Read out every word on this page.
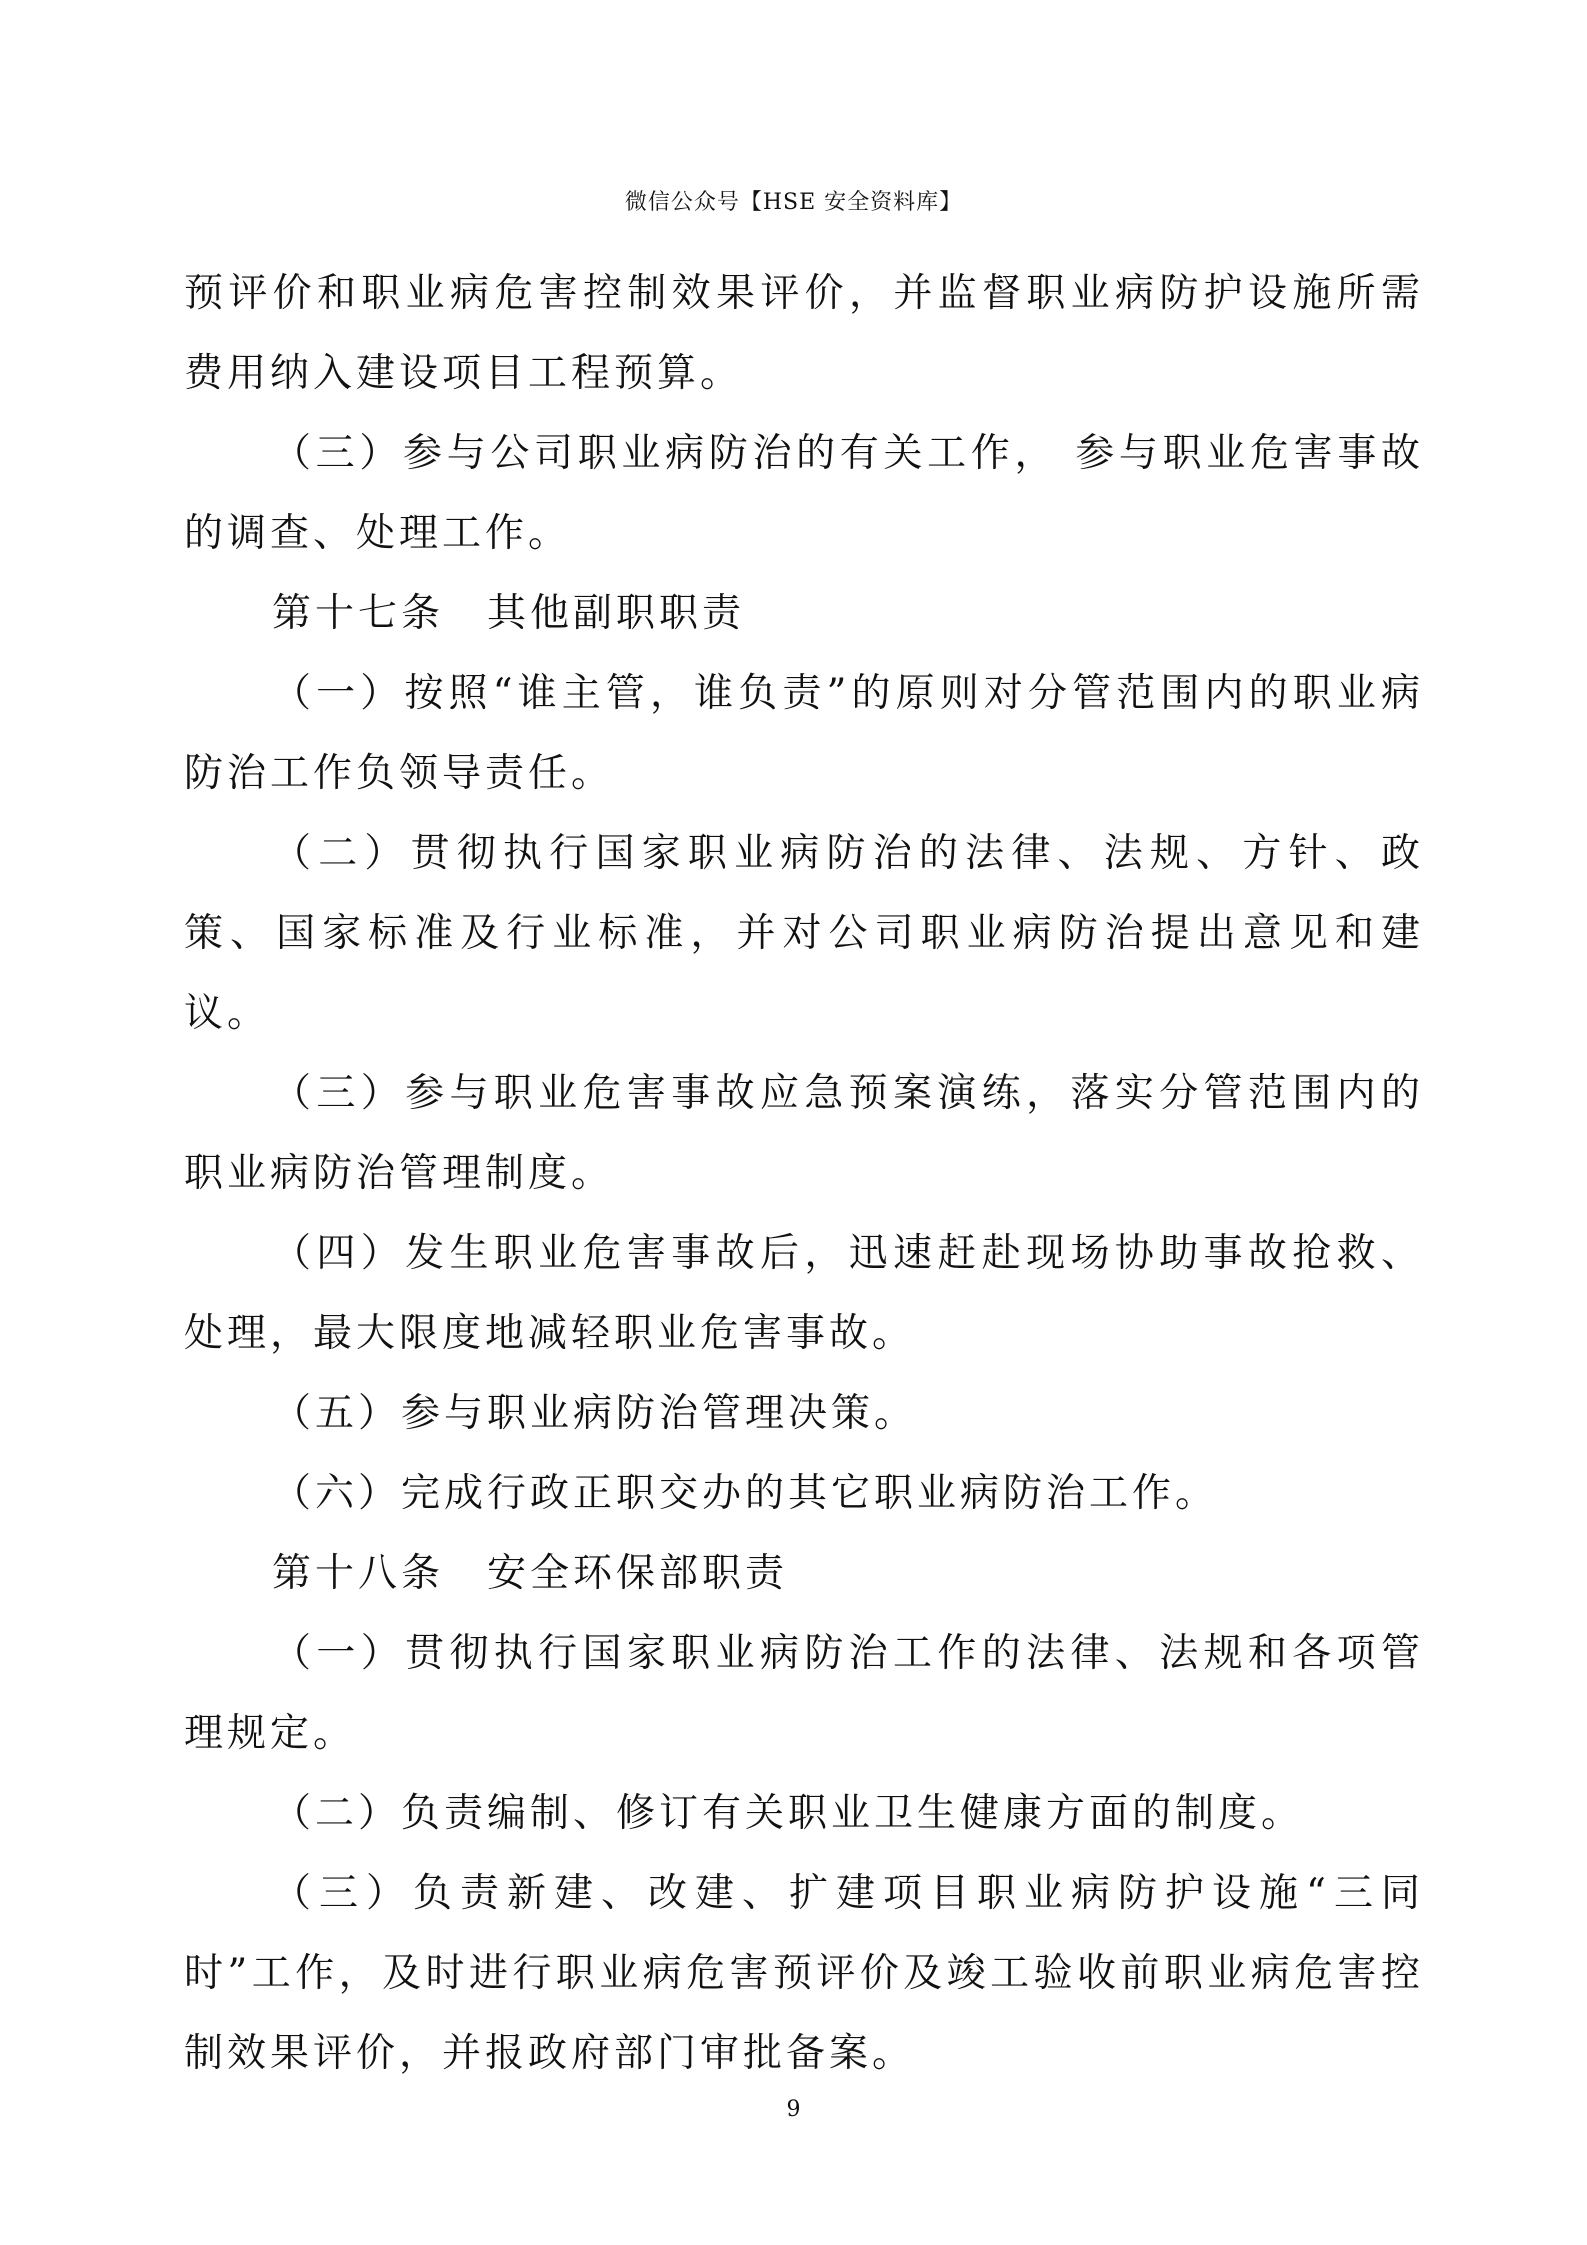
微信公众号【HSE 安全资料库】

预评价和职业病危害控制效果评价，并监督职业病防护设施所需费用纳入建设项目工程预算。

（三）参与公司职业病防治的有关工作， 参与职业危害事故的调查、处理工作。

第十七条　其他副职职责

（一）按照“谁主管，谁负责”的原则对分管范围内的职业病防治工作负领导责任。

（二）贯彻执行国家职业病防治的法律、法规、方针、政策、国家标准及行业标准，并对公司职业病防治提出意见和建议。

（三）参与职业危害事故应急预案演练，落实分管范围内的职业病防治管理制度。

（四）发生职业危害事故后，迅速赶赴现场协助事故抢救、处理，最大限度地减轻职业危害事故。

（五）参与职业病防治管理决策。

（六）完成行政正职交办的其它职业病防治工作。

第十八条　安全环保部职责

（一）贯彻执行国家职业病防治工作的法律、法规和各项管理规定。

（二）负责编制、修订有关职业卫生健康方面的制度。

（三）负责新建、改建、扩建项目职业病防护设施“三同时”工作，及时进行职业病危害预评价及竣工验收前职业病危害控制效果评价，并报政府部门审批备案。

9
